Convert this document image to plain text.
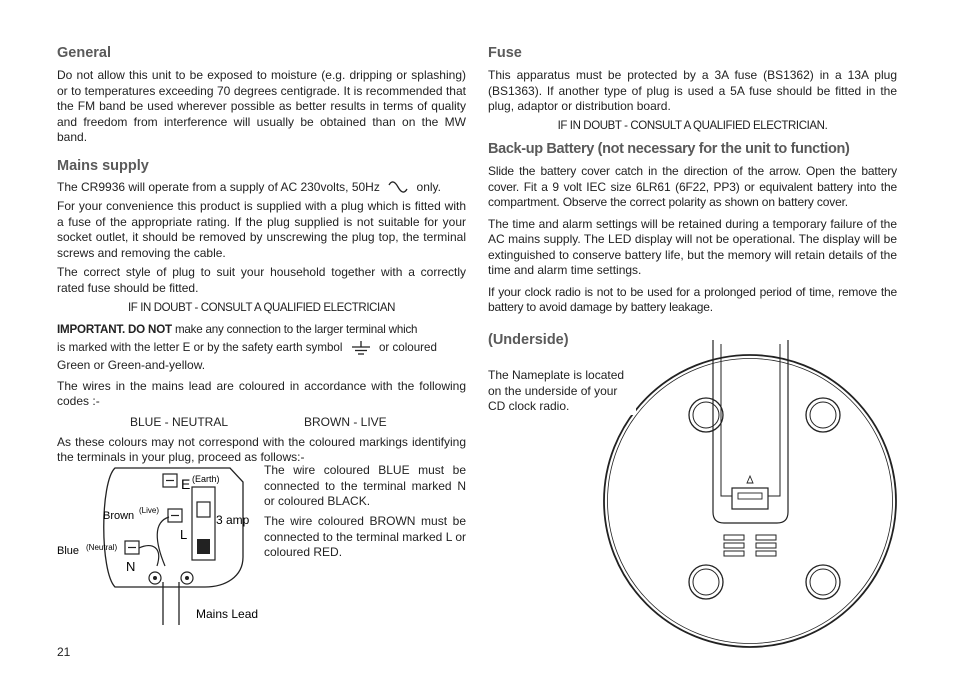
General

Do not allow this unit to be exposed to moisture (e.g. dripping or splashing) or to temperatures exceeding 70 degrees centigrade. It is recommended that the FM band be used wherever possible as better results in terms of quality and freedom from interference will usually be obtained than on the MW band.

Mains supply

The CR9936 will operate from a supply of AC 230volts, 50Hz	only.

For your convenience this product is supplied with a plug which is fitted with a fuse of the appropriate rating. If the plug supplied is not suitable for your socket outlet, it should be removed by unscrewing the plug top, the terminal screws and removing the cable.

The correct style of plug to suit your household together with a correctly rated fuse should be fitted.

IF IN DOUBT - CONSULT A QUALIFIED ELECTRICIAN

IMPORTANT. DO NOT make any connection to the larger terminal which

is marked with the letter E or by the safety earth symbol	or coloured

Green or Green-and-yellow.

The wires in the mains lead are coloured in accordance with the following codes :-

BLUE - NEUTRAL	BROWN - LIVE

As these colours may not correspond with the coloured markings identifying the terminals in your plug, proceed as follows:-

E (Earth)
Brown (Live)
3 amp
L
Blue (Neutral)
N
Mains Lead

The wire coloured BLUE must be connected to the terminal marked N or coloured BLACK.

The wire coloured BROWN must be connected to the terminal marked L or coloured RED.

21
Fuse

This apparatus must be protected by a 3A fuse (BS1362) in a 13A plug (BS1363). If another type of plug is used a 5A fuse should be fitted in the plug, adaptor or distribution board.

IF IN DOUBT - CONSULT A QUALIFIED ELECTRICIAN.

Back-up Battery (not necessary for the unit to function)

Slide the battery cover catch in the direction of the arrow. Open the battery cover. Fit a 9 volt IEC size 6LR61 (6F22, PP3) or equivalent battery into the compartment. Observe the correct polarity as shown on battery cover.

The time and alarm settings will be retained during a temporary failure of the AC mains supply. The LED display will not be operational. The display will be extinguished to conserve battery life, but the memory will retain details of the time and alarm time settings.

If your clock radio is not to be used for a prolonged period of time, remove the battery to avoid damage by battery leakage.

(Underside)

The Nameplate is located on the underside of your CD clock radio.
